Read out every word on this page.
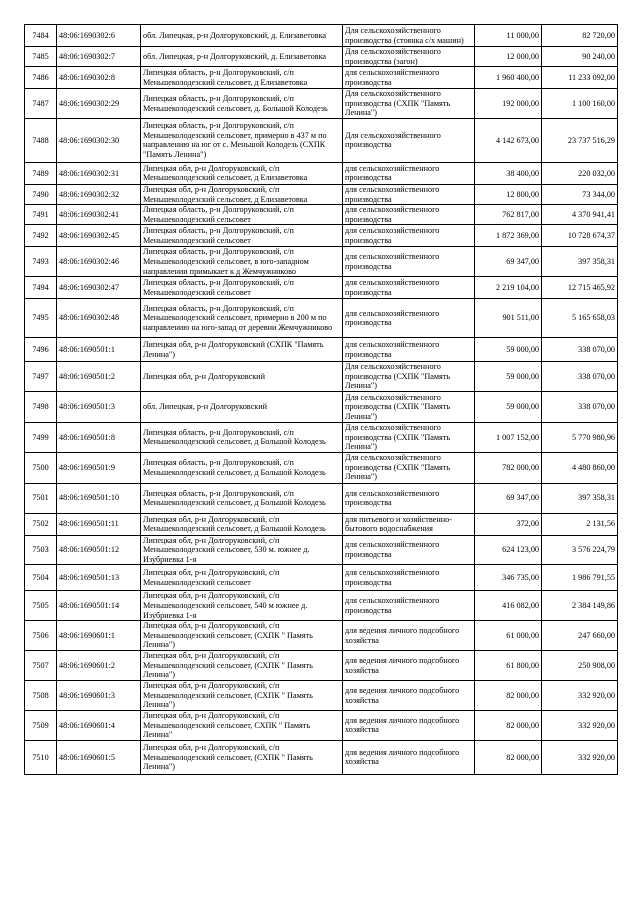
7484	48:06:1690302:6	обл. Липецкая, р-н Долгоруковский, д. Елизаветовка	Для сельскохозяйственного производства (стоянка с/х машин)	11 000,00	82 720,00
7485	48:06:1690302:7	обл. Липецкая, р-н Долгоруковский, д. Елизаветовка	Для сельскохозяйственного производства (загон)	12 000,00	90 240,00
7486	48:06:1690302:8	Липецкая область, р-н Долгоруковский, с/п Меньшеколодезский сельсовет, д Елизаветовка	для сельскохозяйственного производства	1 960 400,00	11 233 092,00
7487	48:06:1690302:29	Липецкая область, р-н Долгоруковский, с/п Меньшеколодезский сельсовет, д. Большой Колодезь	Для сельскохозяйственного производства (СХПК "Память Ленина")	192 000,00	1 100 160,00
7488	48:06:1690302:30	Липецкая область, р-н Долгоруковский, с/п Меньшеколодезский сельсовет, примерно в 437 м по направлению на юг от с. Меньшой Колодезь (СХПК "Память Ленина")	Для сельскохозяйственного производства	4 142 673,00	23 737 516,29
7489	48:06:1690302:31	Липецкая обл, р-н Долгоруковский, с/п Меньшеколодезский сельсовет, д Елизаветовка	для сельскохозяйственного производства	38 400,00	220 032,00
7490	48:06:1690302:32	Липецкая обл, р-н Долгоруковский, с/п Меньшеколодезский сельсовет, д Елизаветовка	для сельскохозяйственного производства	12 800,00	73 344,00
7491	48:06:1690302:41	Липецкая область, р-н Долгоруковский, с/п Меньшеколодезский сельсовет	для сельскохозяйственного производства	762 817,00	4 370 941,41
7492	48:06:1690302:45	Липецкая область, р-н Долгоруковский, с/п Меньшеколодезский сельсовет	для сельскохозяйственного производства	1 872 369,00	10 728 674,37
7493	48:06:1690302:46	Липецкая область, р-н Долгоруковский, с/п Меньшеколодезский сельсовет, в юго-западном направлении примыкает к д Жемчужниково	для сельскохозяйственного производства	69 347,00	397 358,31
7494	48:06:1690302:47	Липецкая область, р-н Долгоруковский, с/п Меньшеколодезский сельсовет	для сельскохозяйственного производства	2 219 104,00	12 715 465,92
7495	48:06:1690302:48	Липецкая область, р-н Долгоруковский, с/п Меньшеколодезский сельсовет, примерно в 200 м по направлению на юго-запад от деревни Жемчужниково	для сельскохозяйственного производства	901 511,00	5 165 658,03
7496	48:06:1690501:1	Липецкая обл, р-н Долгоруковский (СХПК "Память Ленина")	для сельскохозяйственного производства	59 000,00	338 070,00
7497	48:06:1690501:2	Липецкая обл, р-н Долгоруковский	Для сельскохозяйственного производства (СХПК "Память Ленина")	59 000,00	338 070,00
7498	48:06:1690501:3	обл. Липецкая, р-н Долгоруковский	Для сельскохозяйственного производства (СХПК "Память Ленина")	59 000,00	338 070,00
7499	48:06:1690501:8	Липецкая область, р-н Долгоруковский, с/п Меньшеколодезский сельсовет, д Большой Колодезь	Для сельскохозяйственного производства (СХПК "Память Ленина")	1 007 152,00	5 770 980,96
7500	48:06:1690501:9	Липецкая область, р-н Долгоруковский, с/п Меньшеколодезский сельсовет, д Большой Колодезь	Для сельскохозяйственного производства (СХПК "Память Ленина")	782 000,00	4 480 860,00
7501	48:06:1690501:10	Липецкая область, р-н Долгоруковский, с/п Меньшеколодезский сельсовет, д Большой Колодезь	для сельскохозяйственного производства	69 347,00	397 358,31
7502	48:06:1690501:11	Липецкая обл, р-н Долгоруковский, с/п Меньшеколодезский сельсовет, д Большой Колодезь	для питьевого и хозяйственно-бытового водоснабжения	372,00	2 131,56
7503	48:06:1690501:12	Липецкая обл, р-н Долгоруковский, с/п Меньшеколодезский сельсовет, 530 м. южнее д. Изубриевка 1-я	для сельскохозяйственного производства	624 123,00	3 576 224,79
7504	48:06:1690501:13	Липецкая обл, р-н Долгоруковский, с/п Меньшеколодезский сельсовет	для сельскохозяйственного производства	346 735,00	1 986 791,55
7505	48:06:1690501:14	Липецкая обл, р-н Долгоруковский, с/п Меньшеколодезский сельсовет, 540 м южнее д. Изубриевка 1-я	для сельскохозяйственного производства	416 082,00	2 384 149,86
7506	48:06:1690601:1	Липецкая обл, р-н Долгоруковский, с/п Меньшеколодезский сельсовет, (СХПК " Память Ленина")	для ведения личного подсобного хозяйства	61 000,00	247 660,00
7507	48:06:1690601:2	Липецкая обл, р-н Долгоруковский, с/п Меньшеколодезский сельсовет, (СХПК " Память Ленина")	для ведения личного подсобного хозяйства	61 800,00	250 908,00
7508	48:06:1690601:3	Липецкая обл, р-н Долгоруковский, с/п Меньшеколодезский сельсовет, (СХПК " Память Ленина")	для ведения личного подсобного хозяйства	82 000,00	332 920,00
7509	48:06:1690601:4	Липецкая обл, р-н Долгоруковский, с/п Меньшеколодезский сельсовет, СХПК " Память Ленина"	для ведения личного подсобного хозяйства	82 000,00	332 920,00
7510	48:06:1690601:5	Липецкая обл, р-н Долгоруковский, с/п Меньшеколодезский сельсовет, (СХПК " Память Ленина")	для ведения личного подсобного хозяйства	82 000,00	332 920,00
